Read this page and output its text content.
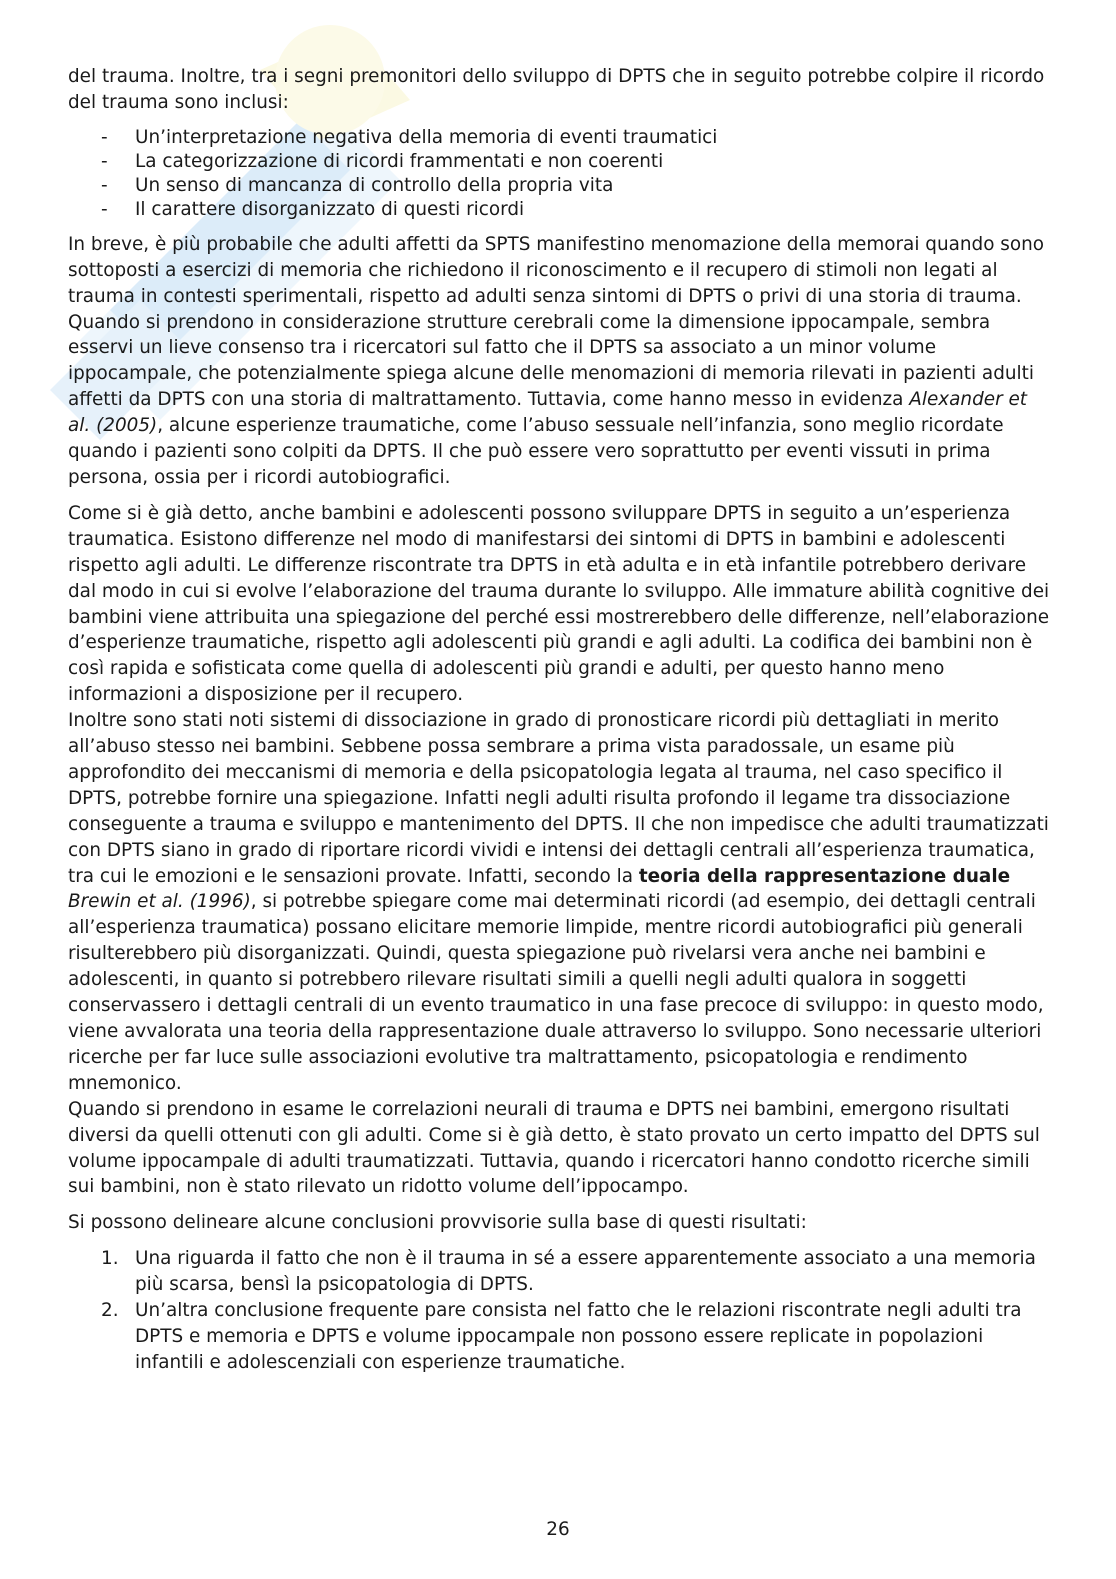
del trauma. Inoltre, tra i segni premonitori dello sviluppo di DPTS che in seguito potrebbe colpire il ricordo del trauma sono inclusi:

- Un’interpretazione negativa della memoria di eventi traumatici
- La categorizzazione di ricordi frammentati e non coerenti
- Un senso di mancanza di controllo della propria vita
- Il carattere disorganizzato di questi ricordi

In breve, è più probabile che adulti affetti da SPTS manifestino menomazione della memorai quando sono sottoposti a esercizi di memoria che richiedono il riconoscimento e il recupero di stimoli non legati al trauma in contesti sperimentali, rispetto ad adulti senza sintomi di DPTS o privi di una storia di trauma. Quando si prendono in considerazione strutture cerebrali come la dimensione ippocampale, sembra esservi un lieve consenso tra i ricercatori sul fatto che il DPTS sa associato a un minor volume ippocampale, che potenzialmente spiega alcune delle menomazioni di memoria rilevati in pazienti adulti affetti da DPTS con una storia di maltrattamento. Tuttavia, come hanno messo in evidenza Alexander et al. (2005), alcune esperienze traumatiche, come l’abuso sessuale nell’infanzia, sono meglio ricordate quando i pazienti sono colpiti da DPTS. Il che può essere vero soprattutto per eventi vissuti in prima persona, ossia per i ricordi autobiografici.

Come si è già detto, anche bambini e adolescenti possono sviluppare DPTS in seguito a un’esperienza traumatica. Esistono differenze nel modo di manifestarsi dei sintomi di DPTS in bambini e adolescenti rispetto agli adulti. Le differenze riscontrate tra DPTS in età adulta e in età infantile potrebbero derivare dal modo in cui si evolve l’elaborazione del trauma durante lo sviluppo. Alle immature abilità cognitive dei bambini viene attribuita una spiegazione del perché essi mostrerebbero delle differenze, nell’elaborazione d’esperienze traumatiche, rispetto agli adolescenti più grandi e agli adulti. La codifica dei bambini non è così rapida e sofisticata come quella di adolescenti più grandi e adulti, per questo hanno meno informazioni a disposizione per il recupero.

Inoltre sono stati noti sistemi di dissociazione in grado di pronosticare ricordi più dettagliati in merito all’abuso stesso nei bambini. Sebbene possa sembrare a prima vista paradossale, un esame più approfondito dei meccanismi di memoria e della psicopatologia legata al trauma, nel caso specifico il DPTS, potrebbe fornire una spiegazione. Infatti negli adulti risulta profondo il legame tra dissociazione conseguente a trauma e sviluppo e mantenimento del DPTS. Il che non impedisce che adulti traumatizzati con DPTS siano in grado di riportare ricordi vividi e intensi dei dettagli centrali all’esperienza traumatica, tra cui le emozioni e le sensazioni provate. Infatti, secondo la teoria della rappresentazione duale Brewin et al. (1996), si potrebbe spiegare come mai determinati ricordi (ad esempio, dei dettagli centrali all’esperienza traumatica) possano elicitare memorie limpide, mentre ricordi autobiografici più generali risulterebbero più disorganizzati. Quindi, questa spiegazione può rivelarsi vera anche nei bambini e adolescenti, in quanto si potrebbero rilevare risultati simili a quelli negli adulti qualora in soggetti conservassero i dettagli centrali di un evento traumatico in una fase precoce di sviluppo: in questo modo, viene avvalorata una teoria della rappresentazione duale attraverso lo sviluppo. Sono necessarie ulteriori ricerche per far luce sulle associazioni evolutive tra maltrattamento, psicopatologia e rendimento mnemonico.

Quando si prendono in esame le correlazioni neurali di trauma e DPTS nei bambini, emergono risultati diversi da quelli ottenuti con gli adulti. Come si è già detto, è stato provato un certo impatto del DPTS sul volume ippocampale di adulti traumatizzati. Tuttavia, quando i ricercatori hanno condotto ricerche simili sui bambini, non è stato rilevato un ridotto volume dell’ippocampo.

Si possono delineare alcune conclusioni provvisorie sulla base di questi risultati:

1. Una riguarda il fatto che non è il trauma in sé a essere apparentemente associato a una memoria più scarsa, bensì la psicopatologia di DPTS.
2. Un’altra conclusione frequente pare consista nel fatto che le relazioni riscontrate negli adulti tra DPTS e memoria e DPTS e volume ippocampale non possono essere replicate in popolazioni infantili e adolescenziali con esperienze traumatiche.
26
